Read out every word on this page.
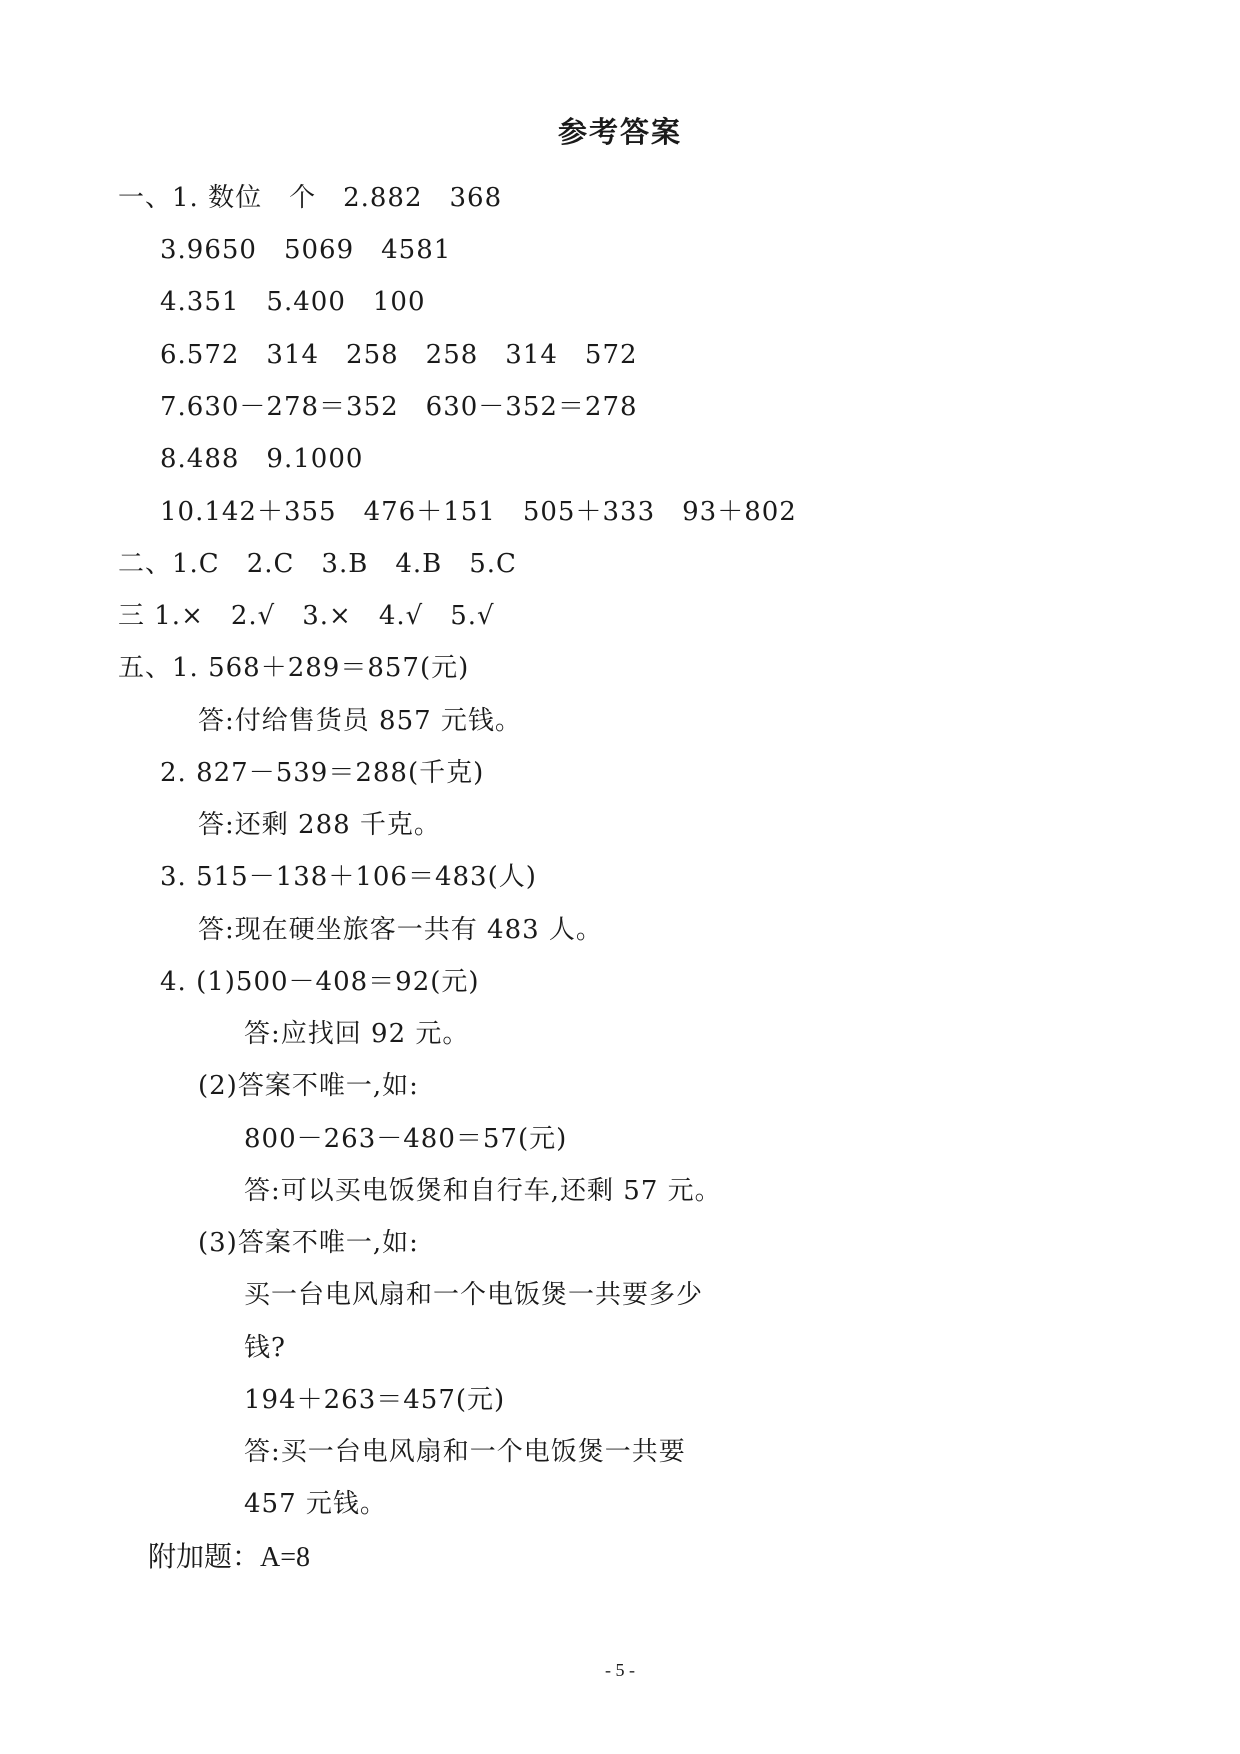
参考答案
一、1. 数位　个　2.882　368
3.9650　5069　4581
4.351　5.400　100
6.572　314　258　258　314　572
7.630－278＝352　630－352＝278
8.488　9.1000
10.142＋355　476＋151　505＋333　93＋802
二、1.C　2.C　3.B　4.B　5.C
三 1.×　2.√　3.×　4.√　5.√
五、1. 568＋289＝857(元)
答:付给售货员 857 元钱。
2. 827－539＝288(千克)
答:还剩 288 千克。
3. 515－138＋106＝483(人)
答:现在硬坐旅客一共有 483 人。
4. (1)500－408＝92(元)
答:应找回 92 元。
(2)答案不唯一,如:
800－263－480＝57(元)
答:可以买电饭煲和自行车,还剩 57 元。
(3)答案不唯一,如:
买一台电风扇和一个电饭煲一共要多少
钱?
194＋263＝457(元)
答:买一台电风扇和一个电饭煲一共要
457 元钱。
附加题：A=8
- 5 -
